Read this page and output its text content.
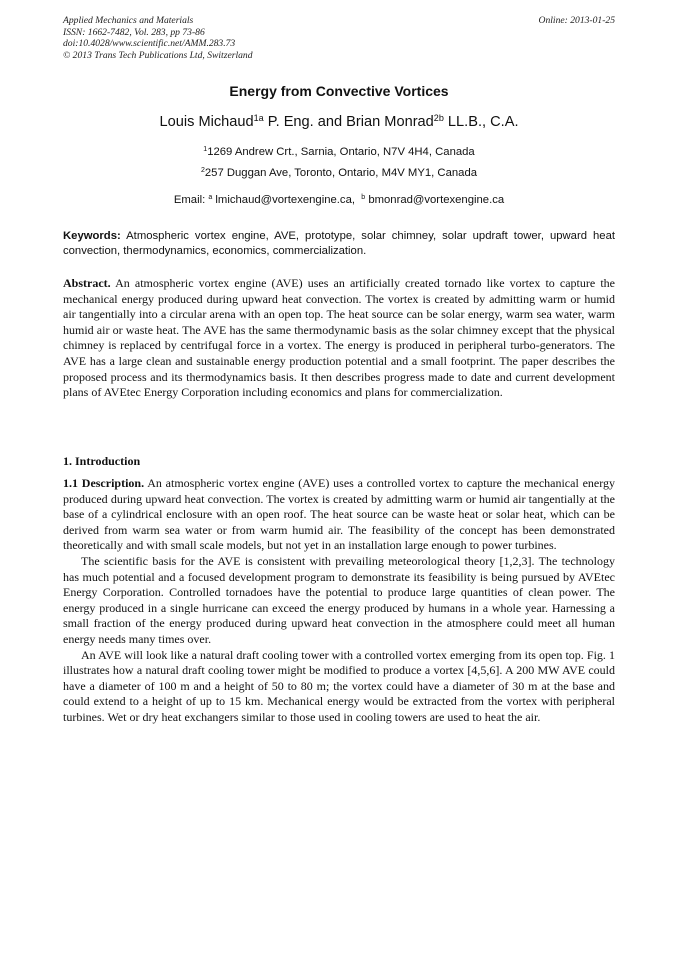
Applied Mechanics and Materials
ISSN: 1662-7482, Vol. 283, pp 73-86
doi:10.4028/www.scientific.net/AMM.283.73
© 2013 Trans Tech Publications Ltd, Switzerland
Online: 2013-01-25
Energy from Convective Vortices
Louis Michaud$^{1a}$ P. Eng. and Brian Monrad$^{2b}$ LL.B., C.A.
$^1$1269 Andrew Crt., Sarnia, Ontario, N7V 4H4, Canada
$^2$257 Duggan Ave, Toronto, Ontario, M4V MY1, Canada
Email: $^a$ lmichaud@vortexengine.ca, $^b$ bmonrad@vortexengine.ca
Keywords: Atmospheric vortex engine, AVE, prototype, solar chimney, solar updraft tower, upward heat convection, thermodynamics, economics, commercialization.
Abstract. An atmospheric vortex engine (AVE) uses an artificially created tornado like vortex to capture the mechanical energy produced during upward heat convection. The vortex is created by admitting warm or humid air tangentially into a circular arena with an open top. The heat source can be solar energy, warm sea water, warm humid air or waste heat. The AVE has the same thermodynamic basis as the solar chimney except that the physical chimney is replaced by centrifugal force in a vortex. The energy is produced in peripheral turbo-generators. The AVE has a large clean and sustainable energy production potential and a small footprint. The paper describes the proposed process and its thermodynamics basis. It then describes progress made to date and current development plans of AVEtec Energy Corporation including economics and plans for commercialization.
1. Introduction

1.1 Description. An atmospheric vortex engine (AVE) uses a controlled vortex to capture the mechanical energy produced during upward heat convection. The vortex is created by admitting warm or humid air tangentially at the base of a cylindrical enclosure with an open roof. The heat source can be waste heat or solar heat, which can be derived from warm sea water or from warm humid air. The feasibility of the concept has been demonstrated theoretically and with small scale models, but not yet in an installation large enough to power turbines.

The scientific basis for the AVE is consistent with prevailing meteorological theory [1,2,3]. The technology has much potential and a focused development program to demonstrate its feasibility is being pursued by AVEtec Energy Corporation. Controlled tornadoes have the potential to produce large quantities of clean power. The energy produced in a single hurricane can exceed the energy produced by humans in a whole year. Harnessing a small fraction of the energy produced during upward heat convection in the atmosphere could meet all human energy needs many times over.

An AVE will look like a natural draft cooling tower with a controlled vortex emerging from its open top. Fig. 1 illustrates how a natural draft cooling tower might be modified to produce a vortex [4,5,6]. A 200 MW AVE could have a diameter of 100 m and a height of 50 to 80 m; the vortex could have a diameter of 30 m at the base and could extend to a height of up to 15 km. Mechanical energy would be extracted from the vortex with peripheral turbines. Wet or dry heat exchangers similar to those used in cooling towers are used to heat the air.
